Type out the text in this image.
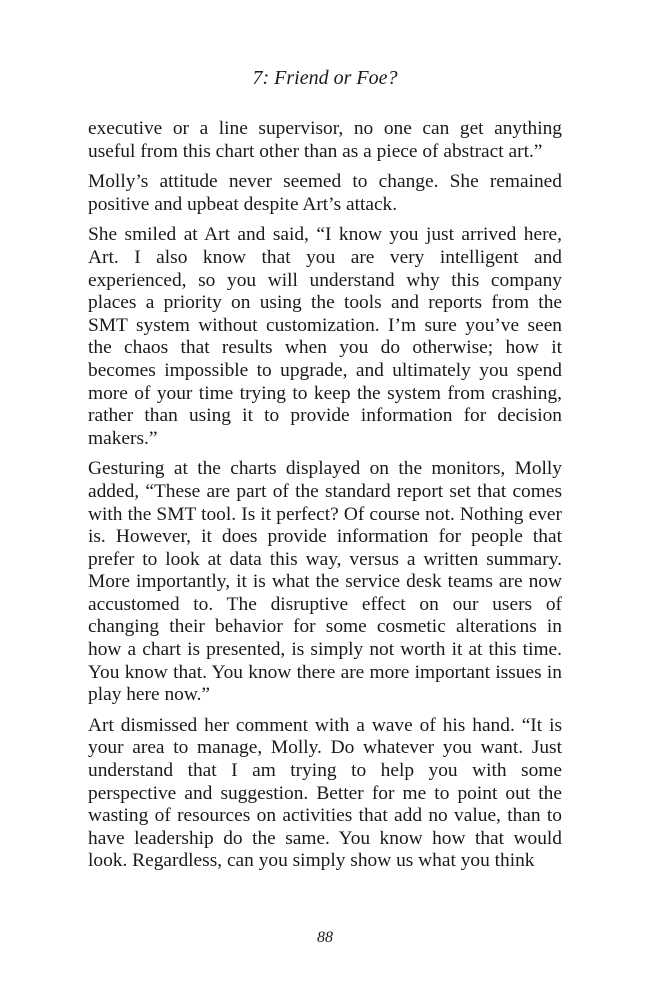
7: Friend or Foe?

executive or a line supervisor, no one can get anything useful from this chart other than as a piece of abstract art.”

Molly’s attitude never seemed to change. She remained positive and upbeat despite Art’s attack.

She smiled at Art and said, “I know you just arrived here, Art. I also know that you are very intelligent and experienced, so you will understand why this company places a priority on using the tools and reports from the SMT system without customization. I’m sure you’ve seen the chaos that results when you do otherwise; how it becomes impossible to upgrade, and ultimately you spend more of your time trying to keep the system from crashing, rather than using it to provide information for decision makers.”

Gesturing at the charts displayed on the monitors, Molly added, “These are part of the standard report set that comes with the SMT tool. Is it perfect? Of course not. Nothing ever is. However, it does provide information for people that prefer to look at data this way, versus a written summary. More importantly, it is what the service desk teams are now accustomed to. The disruptive effect on our users of changing their behavior for some cosmetic alterations in how a chart is presented, is simply not worth it at this time. You know that. You know there are more important issues in play here now.”

Art dismissed her comment with a wave of his hand. “It is your area to manage, Molly. Do whatever you want. Just understand that I am trying to help you with some perspective and suggestion. Better for me to point out the wasting of resources on activities that add no value, than to have leadership do the same. You know how that would look. Regardless, can you simply show us what you think

88
